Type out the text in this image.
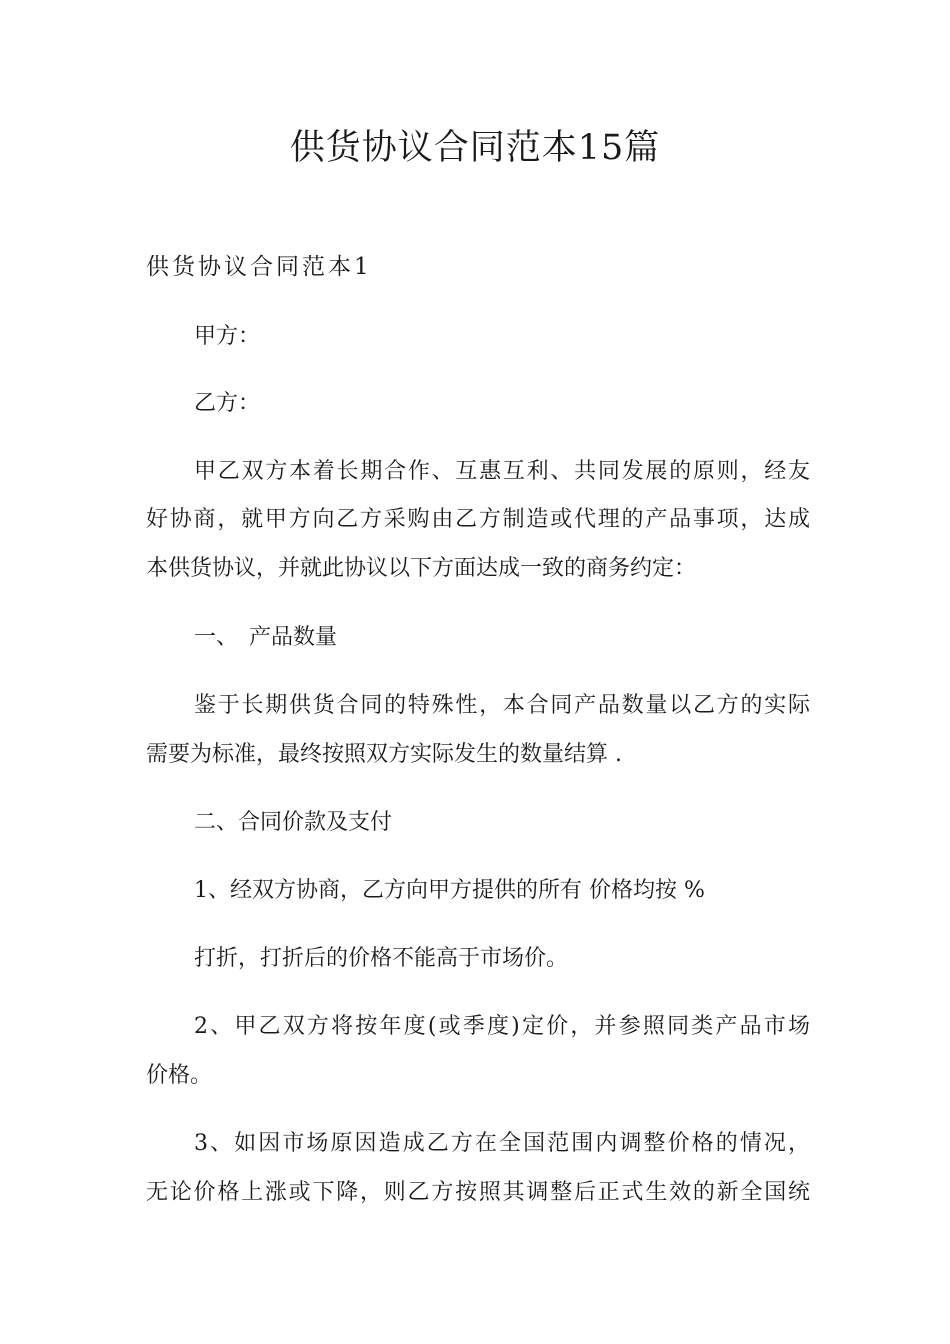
供货协议合同范本15篇
供货协议合同范本1
甲方：
乙方：
甲乙双方本着长期合作、互惠互利、共同发展的原则，经友
好协商，就甲方向乙方采购由乙方制造或代理的产品事项，达成
本供货协议，并就此协议以下方面达成一致的商务约定：
一、　产品数量
鉴于长期供货合同的特殊性，本合同产品数量以乙方的实际
需要为标准，最终按照双方实际发生的数量结算 .
二、合同价款及支付
1、经双方协商，乙方向甲方提供的所有 价格均按 %
打折，打折后的价格不能高于市场价。
2、甲乙双方将按年度(或季度)定价，并参照同类产品市场
价格。
3、如因市场原因造成乙方在全国范围内调整价格的情况，
无论价格上涨或下降，则乙方按照其调整后正式生效的新全国统
